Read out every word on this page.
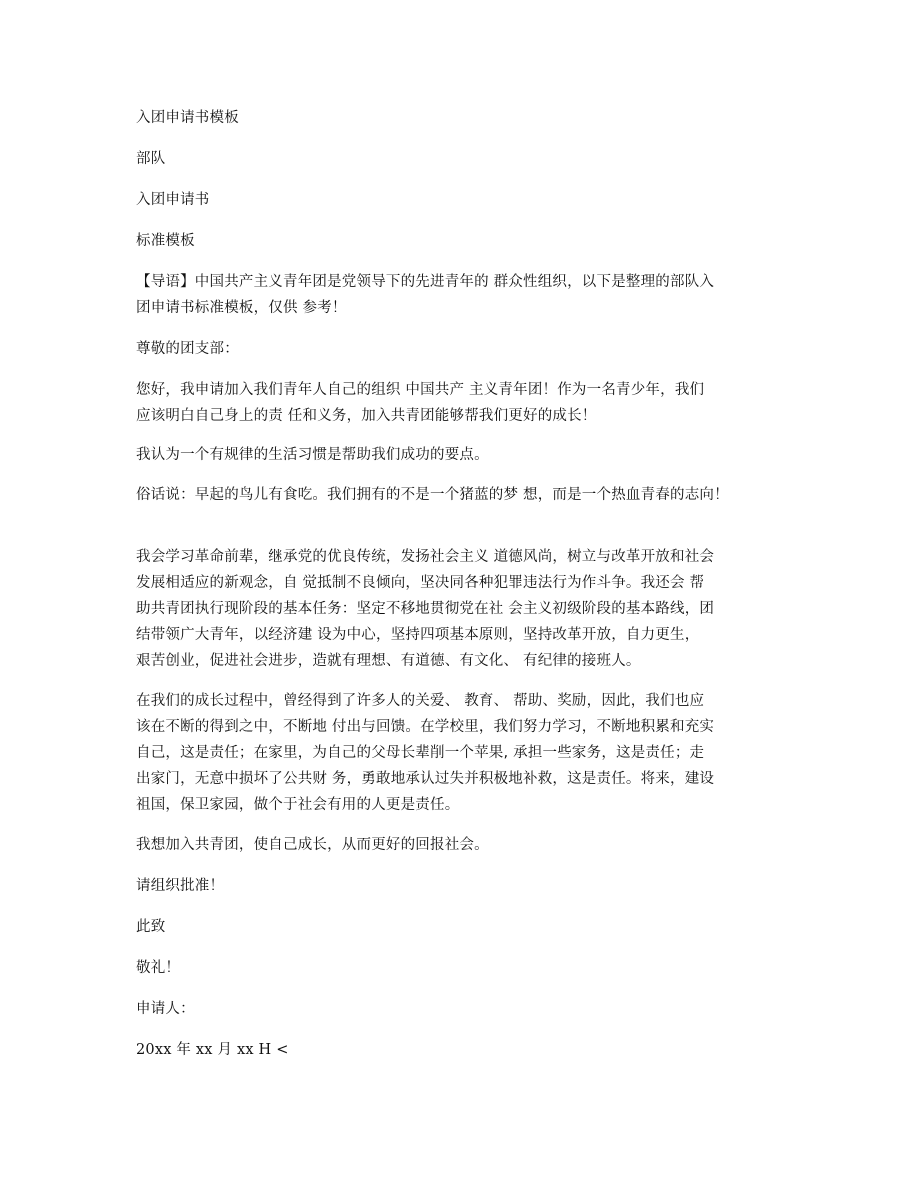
入团申请书模板
部队
入团申请书
标准模板
【导语】中国共产主义青年团是党领导下的先进青年的 群众性组织，以下是整理的部队入
团申请书标准模板，仅供 参考！
尊敬的团支部：
您好，我申请加入我们青年人自己的组织 中国共产 主义青年团！作为一名青少年，我们
应该明白自己身上的责 任和义务，加入共青团能够帮我们更好的成长！
我认为一个有规律的生活习惯是帮助我们成功的要点。
俗话说：早起的鸟儿有食吃。我们拥有的不是一个猪蓝的梦 想，而是一个热血青春的志向！
我会学习革命前辈，继承党的优良传统，发扬社会主义 道德风尚，树立与改革开放和社会
发展相适应的新观念，自 觉抵制不良倾向，坚决同各种犯罪违法行为作斗争。我还会 帮
助共青团执行现阶段的基本任务：坚定不移地贯彻党在社 会主义初级阶段的基本路线，团
结带领广大青年，以经济建 设为中心，坚持四项基本原则，坚持改革开放，自力更生，
艰苦创业，促进社会进步，造就有理想、有道德、有文化、 有纪律的接班人。
在我们的成长过程中，曾经得到了许多人的关爱、 教育、 帮助、奖励，因此，我们也应
该在不断的得到之中，不断地 付出与回馈。在学校里，我们努力学习，不断地积累和充实
自己，这是责任；在家里，为自己的父母长辈削一个苹果, 承担一些家务，这是责任；走
出家门，无意中损坏了公共财 务，勇敢地承认过失并积极地补救，这是责任。将来，建设
祖国，保卫家园，做个于社会有用的人更是责任。
我想加入共青团，使自己成长，从而更好的回报社会。
请组织批准！
此致
敬礼！
申请人：
20xx 年 xx 月 xx H <
